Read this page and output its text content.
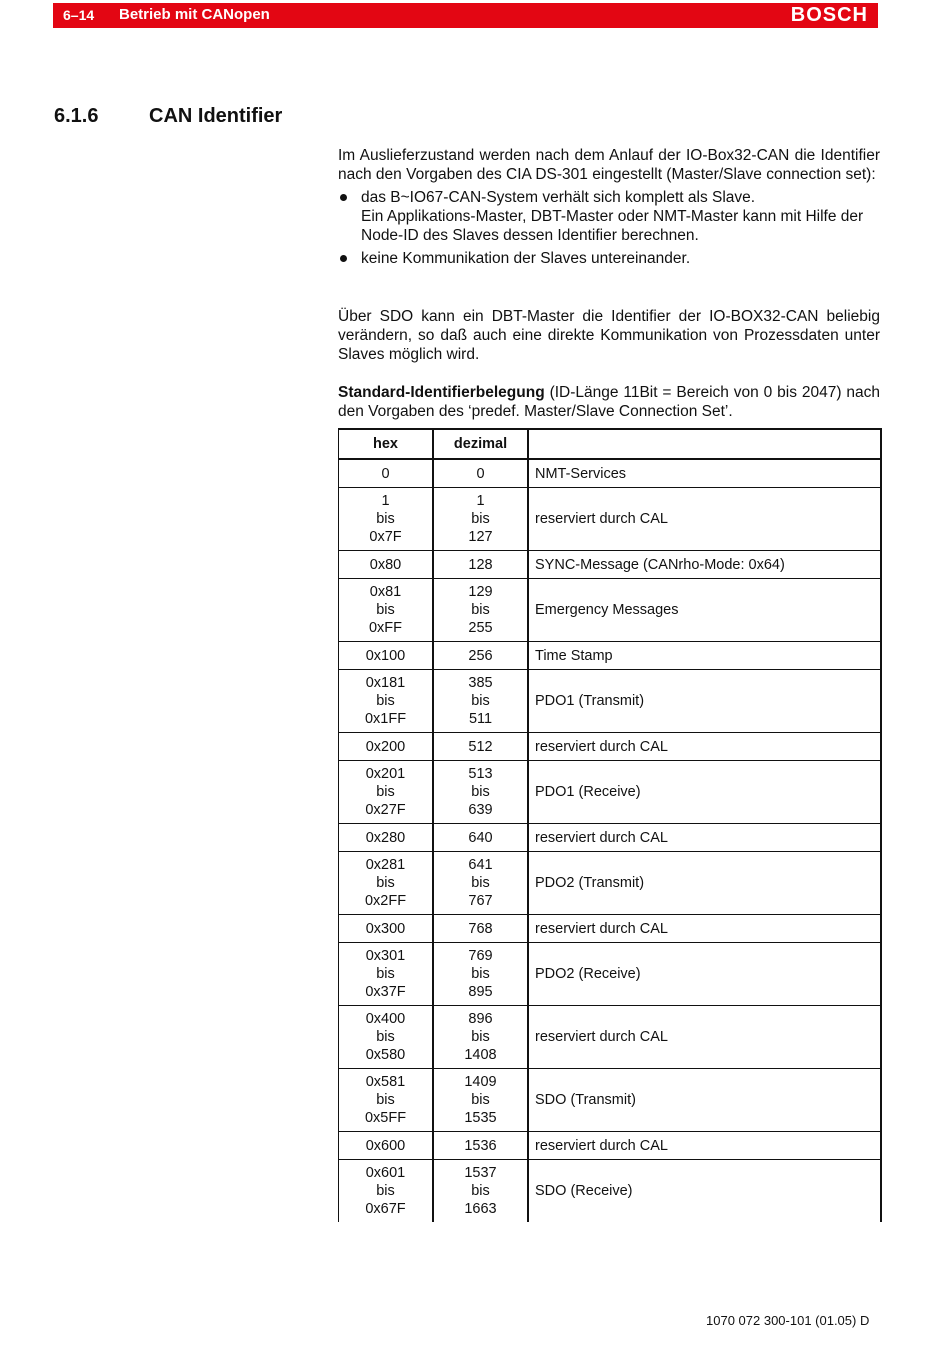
6–14 Betrieb mit CANopen	BOSCH
6.1.6	CAN Identifier

Im Auslieferzustand werden nach dem Anlauf der IO-Box32-CAN die Identifier nach den Vorgaben des CIA DS-301 eingestellt (Master/Slave connection set):

das B~IO67-CAN-System verhält sich komplett als Slave.
Ein Applikations-Master, DBT-Master oder NMT-Master kann mit Hilfe der Node-ID des Slaves dessen Identifier berechnen.
keine Kommunikation der Slaves untereinander.

Über SDO kann ein DBT-Master die Identifier der IO-BOX32-CAN beliebig verändern, so daß auch eine direkte Kommunikation von Prozessdaten unter Slaves möglich wird.

Standard-Identifierbelegung (ID-Länge 11Bit = Bereich von 0 bis 2047) nach den Vorgaben des ‘predef. Master/Slave Connection Set’.

hex	dezimal	

0	0	NMT-Services

1
bis
0x7F	1
bis
127	reserviert durch CAL

0x80	128	SYNC-Message (CANrho-Mode: 0x64)

0x81
bis
0xFF	129
bis
255	Emergency Messages

0x100	256	Time Stamp

0x181
bis
0x1FF	385
bis
511	PDO1 (Transmit)

0x200	512	reserviert durch CAL

0x201
bis
0x27F	513
bis
639	PDO1 (Receive)

0x280	640	reserviert durch CAL

0x281
bis
0x2FF	641
bis
767	PDO2 (Transmit)

0x300	768	reserviert durch CAL

0x301
bis
0x37F	769
bis
895	PDO2 (Receive)

0x400
bis
0x580	896
bis
1408	reserviert durch CAL

0x581
bis
0x5FF	1409
bis
1535	SDO (Transmit)

0x600	1536	reserviert durch CAL

0x601
bis
0x67F	1537
bis
1663	SDO (Receive)
1070 072 300-101 (01.05) D
